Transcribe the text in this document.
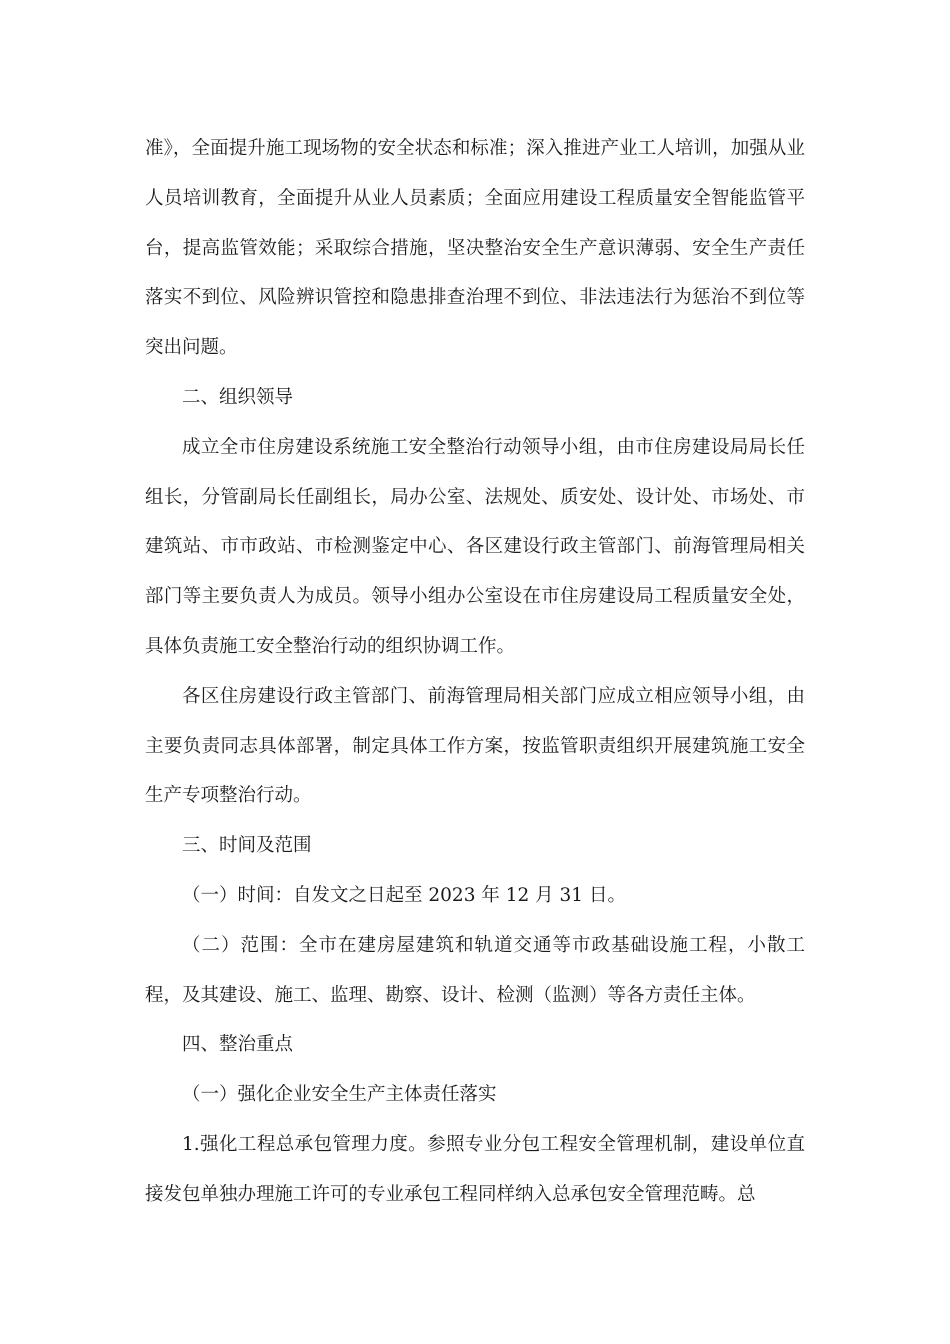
准》，全面提升施工现场物的安全状态和标准；深入推进产业工人培训，加强从业人员培训教育，全面提升从业人员素质；全面应用建设工程质量安全智能监管平台，提高监管效能；采取综合措施，坚决整治安全生产意识薄弱、安全生产责任落实不到位、风险辨识管控和隐患排查治理不到位、非法违法行为惩治不到位等突出问题。

二、组织领导

成立全市住房建设系统施工安全整治行动领导小组，由市住房建设局局长任组长，分管副局长任副组长，局办公室、法规处、质安处、设计处、市场处、市建筑站、市市政站、市检测鉴定中心、各区建设行政主管部门、前海管理局相关部门等主要负责人为成员。领导小组办公室设在市住房建设局工程质量安全处，具体负责施工安全整治行动的组织协调工作。

各区住房建设行政主管部门、前海管理局相关部门应成立相应领导小组，由主要负责同志具体部署，制定具体工作方案，按监管职责组织开展建筑施工安全生产专项整治行动。

三、时间及范围

（一）时间：自发文之日起至 2023 年 12 月 31 日。

（二）范围：全市在建房屋建筑和轨道交通等市政基础设施工程，小散工程，及其建设、施工、监理、勘察、设计、检测（监测）等各方责任主体。

四、整治重点

（一）强化企业安全生产主体责任落实

1.强化工程总承包管理力度。参照专业分包工程安全管理机制，建设单位直接发包单独办理施工许可的专业承包工程同样纳入总承包安全管理范畴。总
